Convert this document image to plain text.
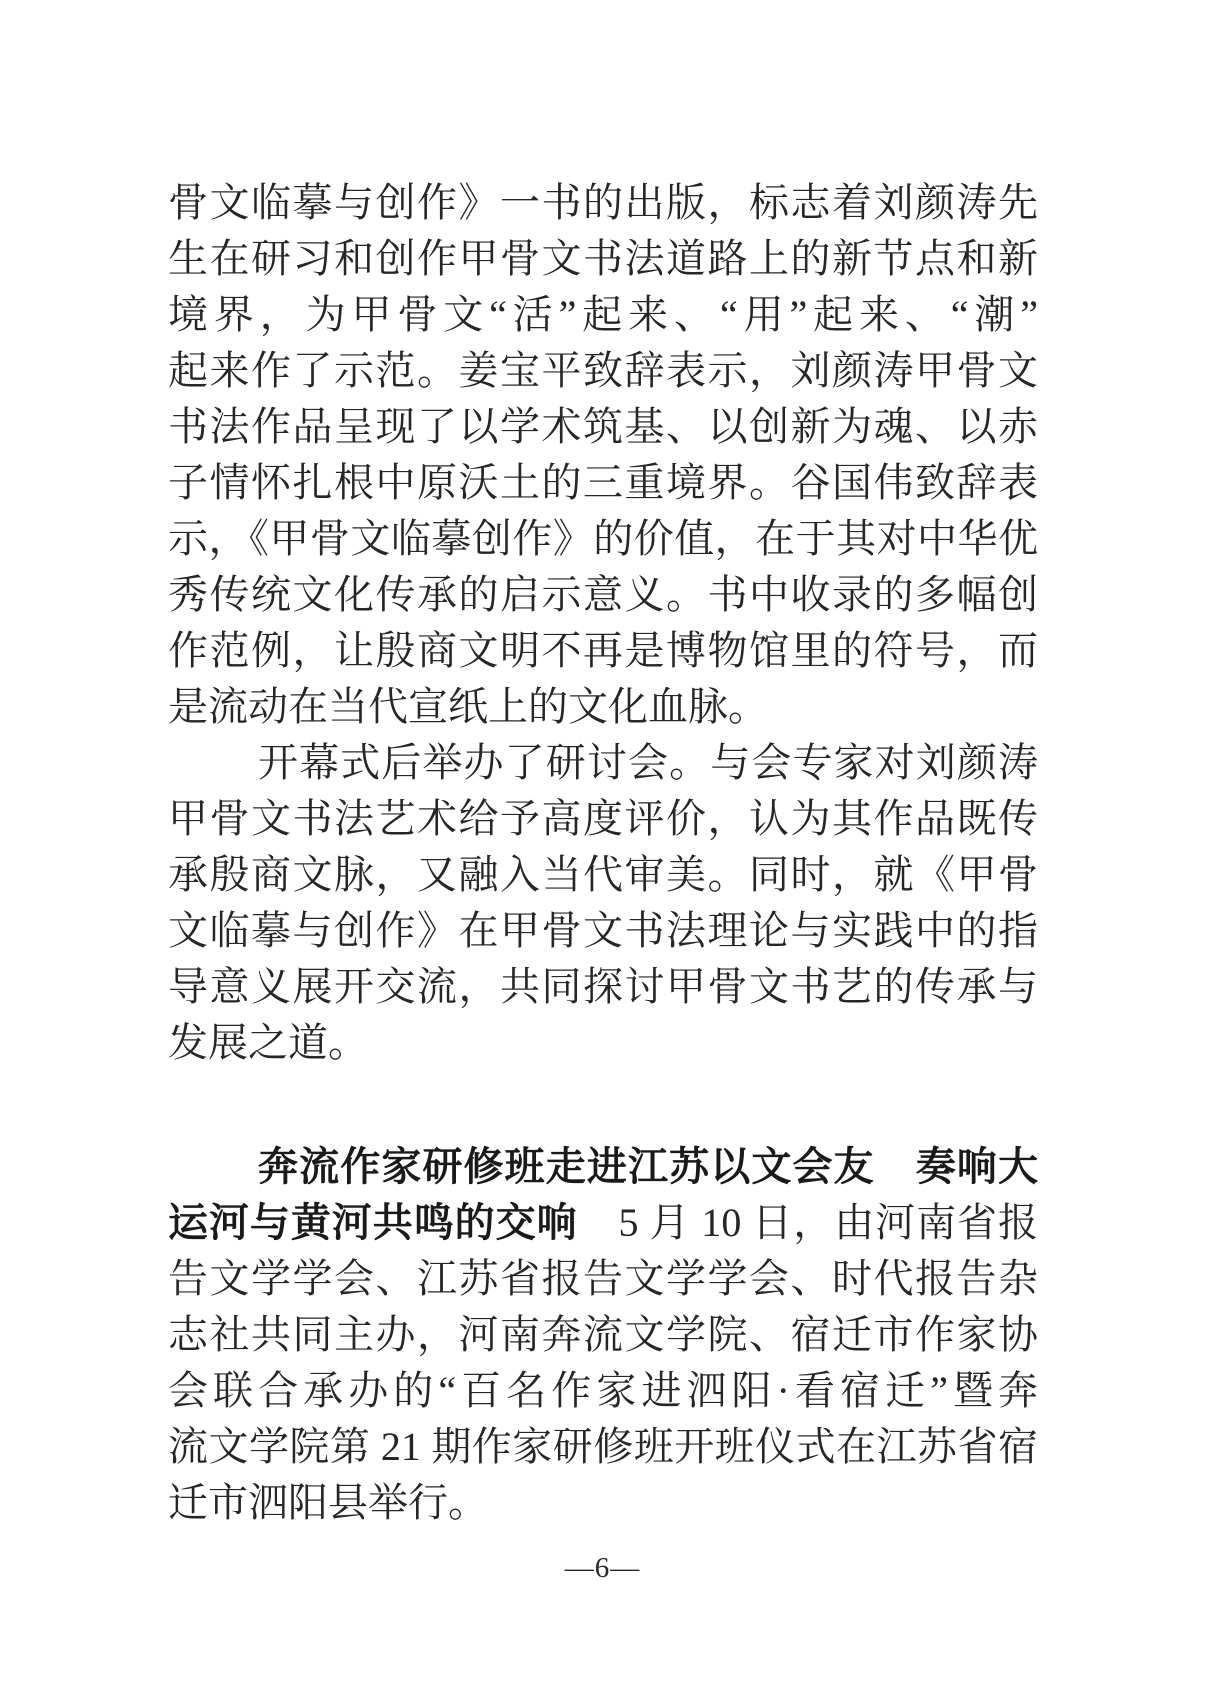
骨文临摹与创作》一书的出版，标志着刘颜涛先
生在研习和创作甲骨文书法道路上的新节点和新
境界，为甲骨文“活”起来、“用”起来、“潮”
起来作了示范。姜宝平致辞表示，刘颜涛甲骨文
书法作品呈现了以学术筑基、以创新为魂、以赤
子情怀扎根中原沃土的三重境界。谷国伟致辞表
示，《甲骨文临摹创作》的价值，在于其对中华优
秀传统文化传承的启示意义。书中收录的多幅创
作范例，让殷商文明不再是博物馆里的符号，而
是流动在当代宣纸上的文化血脉。
开幕式后举办了研讨会。与会专家对刘颜涛
甲骨文书法艺术给予高度评价，认为其作品既传
承殷商文脉，又融入当代审美。同时，就《甲骨
文临摹与创作》在甲骨文书法理论与实践中的指
导意义展开交流，共同探讨甲骨文书艺的传承与
发展之道。
奔流作家研修班走进江苏以文会友　奏响大
运河与黄河共鸣的交响　5 月 10 日，由河南省报
告文学学会、江苏省报告文学学会、时代报告杂
志社共同主办，河南奔流文学院、宿迁市作家协
会联合承办的“百名作家进泗阳·看宿迁”暨奔
流文学院第 21 期作家研修班开班仪式在江苏省宿
迁市泗阳县举行。
—6—
